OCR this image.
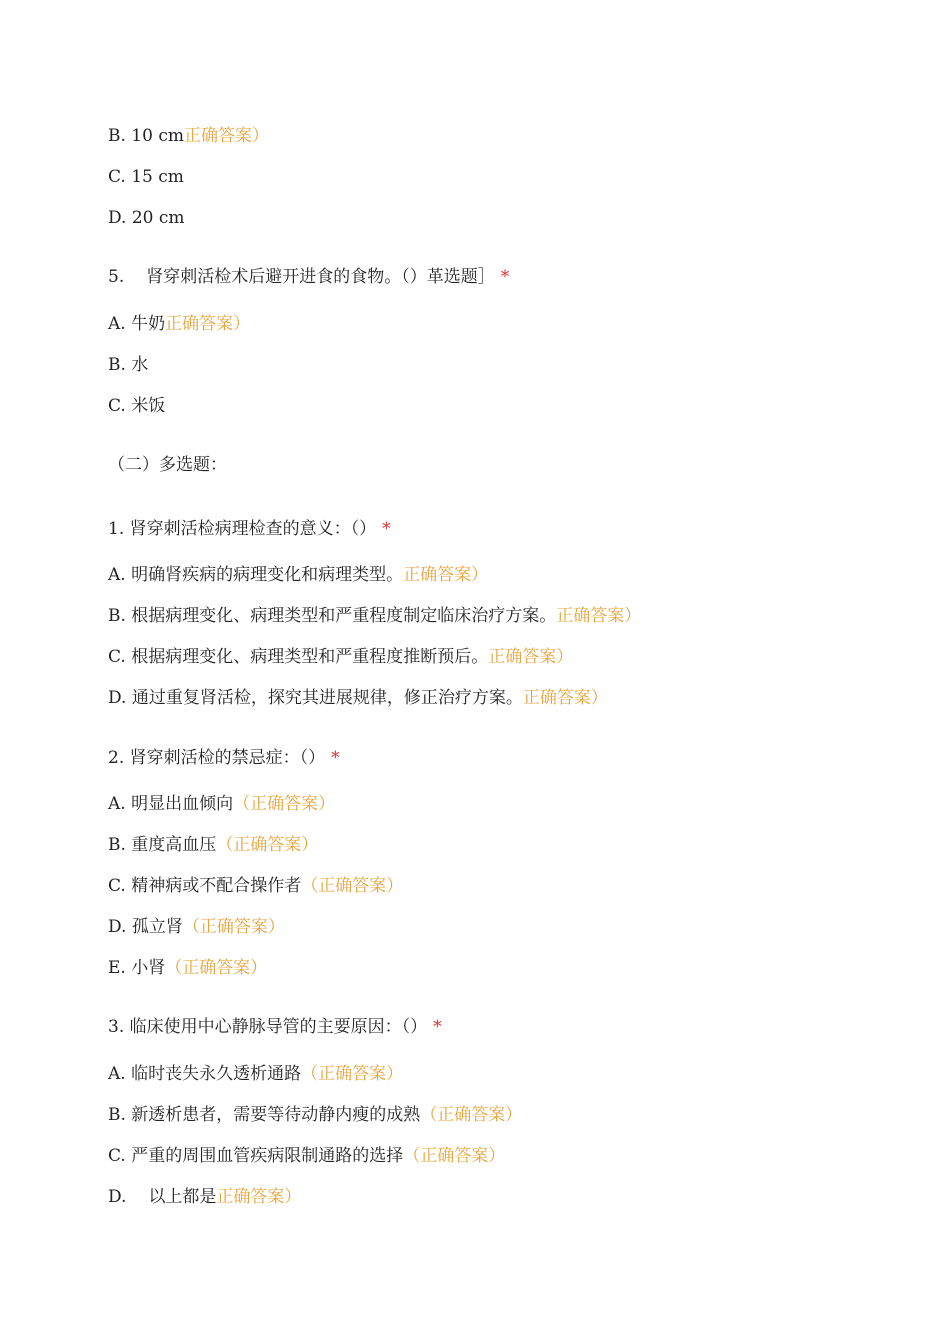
B. 10 cm正确答案）
C. 15 cm
D. 20 cm
5. 肾穿刺活检术后避开进食的食物。（）革选题］ *
A. 牛奶正确答案）
B. 水
C. 米饭
（二）多选题：
1. 肾穿刺活检病理检查的意义：（） *
A. 明确肾疾病的病理变化和病理类型。正确答案）
B. 根据病理变化、病理类型和严重程度制定临床治疗方案。正确答案）
C. 根据病理变化、病理类型和严重程度推断预后。正确答案）
D. 通过重复肾活检，探究其进展规律，修正治疗方案。正确答案）
2. 肾穿刺活检的禁忌症：（） *
A. 明显出血倾向（正确答案）
B. 重度高血压（正确答案）
C. 精神病或不配合操作者（正确答案）
D. 孤立肾（正确答案）
E. 小肾（正确答案）
3. 临床使用中心静脉导管的主要原因：（） *
A. 临时丧失永久透析通路（正确答案）
B. 新透析患者，需要等待动静内瘦的成熟（正确答案）
C. 严重的周围血管疾病限制通路的选择（正确答案）
D. 以上都是正确答案）
